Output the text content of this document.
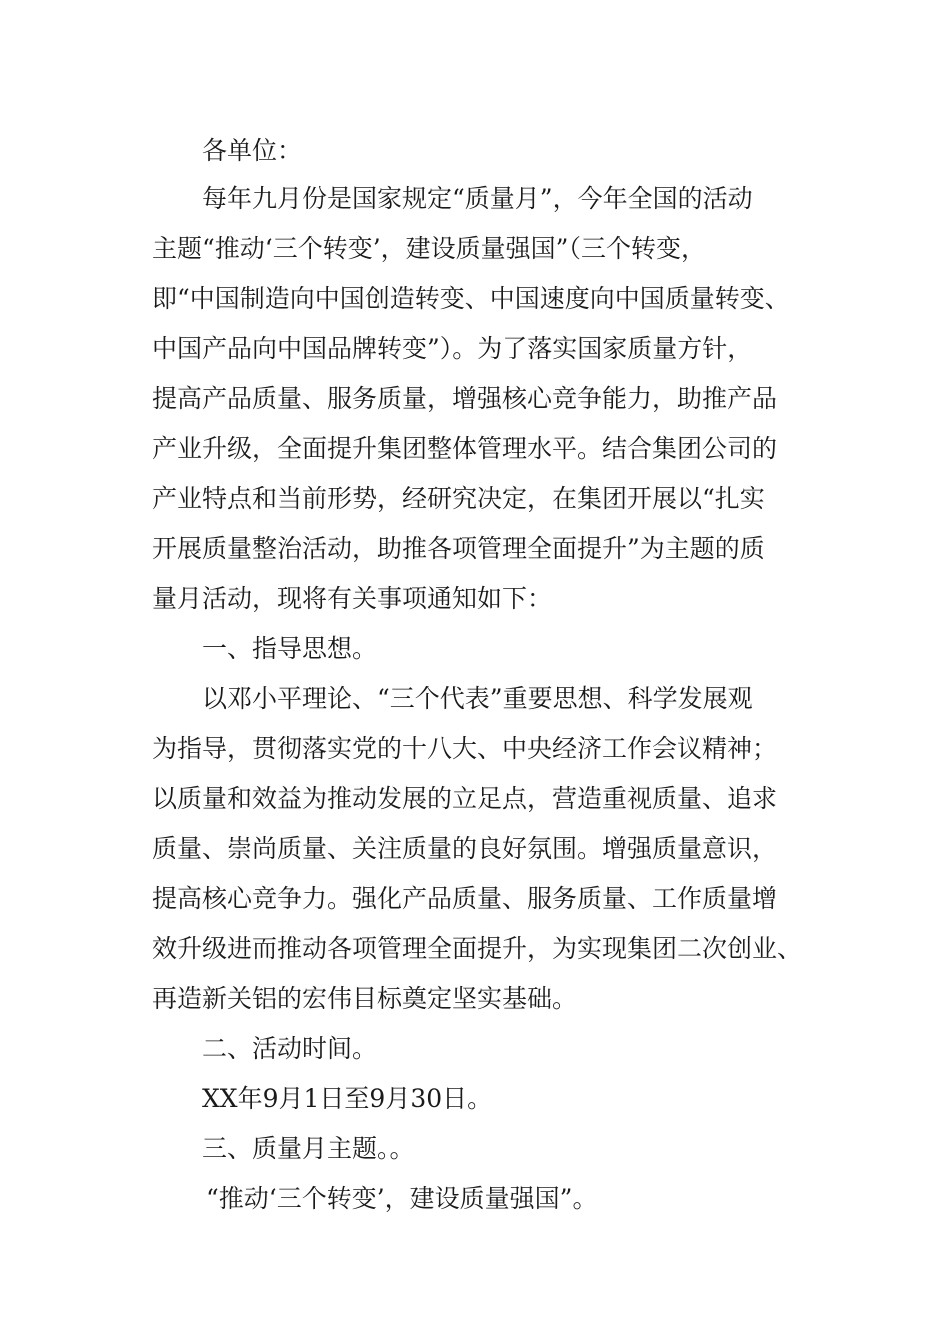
各单位：
每年九月份是国家规定“质量月”，今年全国的活动
主题“推动‘三个转变’，建设质量强国”（三个转变，
即“中国制造向中国创造转变、中国速度向中国质量转变、
中国产品向中国品牌转变”）。为了落实国家质量方针，
提高产品质量、服务质量，增强核心竞争能力，助推产品
产业升级，全面提升集团整体管理水平。结合集团公司的
产业特点和当前形势，经研究决定，在集团开展以“扎实
开展质量整治活动，助推各项管理全面提升”为主题的质
量月活动，现将有关事项通知如下：
一、指导思想。
以邓小平理论、“三个代表”重要思想、科学发展观
为指导，贯彻落实党的十八大、中央经济工作会议精神；
以质量和效益为推动发展的立足点，营造重视质量、追求
质量、崇尚质量、关注质量的良好氛围。增强质量意识，
提高核心竞争力。强化产品质量、服务质量、工作质量增
效升级进而推动各项管理全面提升，为实现集团二次创业、
再造新关铝的宏伟目标奠定坚实基础。
二、活动时间。
XX年9月1日至9月30日。
三、质量月主题。。
“推动‘三个转变’，建设质量强国”。
